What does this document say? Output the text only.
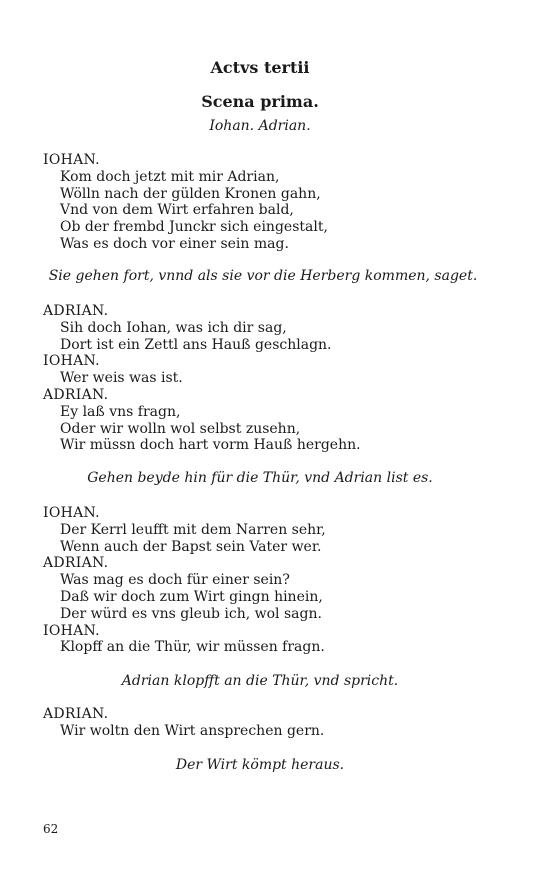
Actvs tertii
Scena prima.
Iohan. Adrian.
IOHAN.
Kom doch jetzt mit mir Adrian,
Wölln nach der gülden Kronen gahn,
Vnd von dem Wirt erfahren bald,
Ob der frembd Junckr sich eingestalt,
Was es doch vor einer sein mag.
Sie gehen fort, vnnd als sie vor die Herberg kommen, saget.
ADRIAN.
Sih doch Iohan, was ich dir sag,
Dort ist ein Zettl ans Hauß geschlagn.
IOHAN.
Wer weis was ist.
ADRIAN.
Ey laß vns fragn,
Oder wir wolln wol selbst zusehn,
Wir müssn doch hart vorm Hauß hergehn.
Gehen beyde hin für die Thür, vnd Adrian list es.
IOHAN.
Der Kerrl leufft mit dem Narren sehr,
Wenn auch der Bapst sein Vater wer.
ADRIAN.
Was mag es doch für einer sein?
Daß wir doch zum Wirt gingn hinein,
Der würd es vns gleub ich, wol sagn.
IOHAN.
Klopff an die Thür, wir müssen fragn.
Adrian klopfft an die Thür, vnd spricht.
ADRIAN.
Wir woltn den Wirt ansprechen gern.
Der Wirt kömpt heraus.
62
